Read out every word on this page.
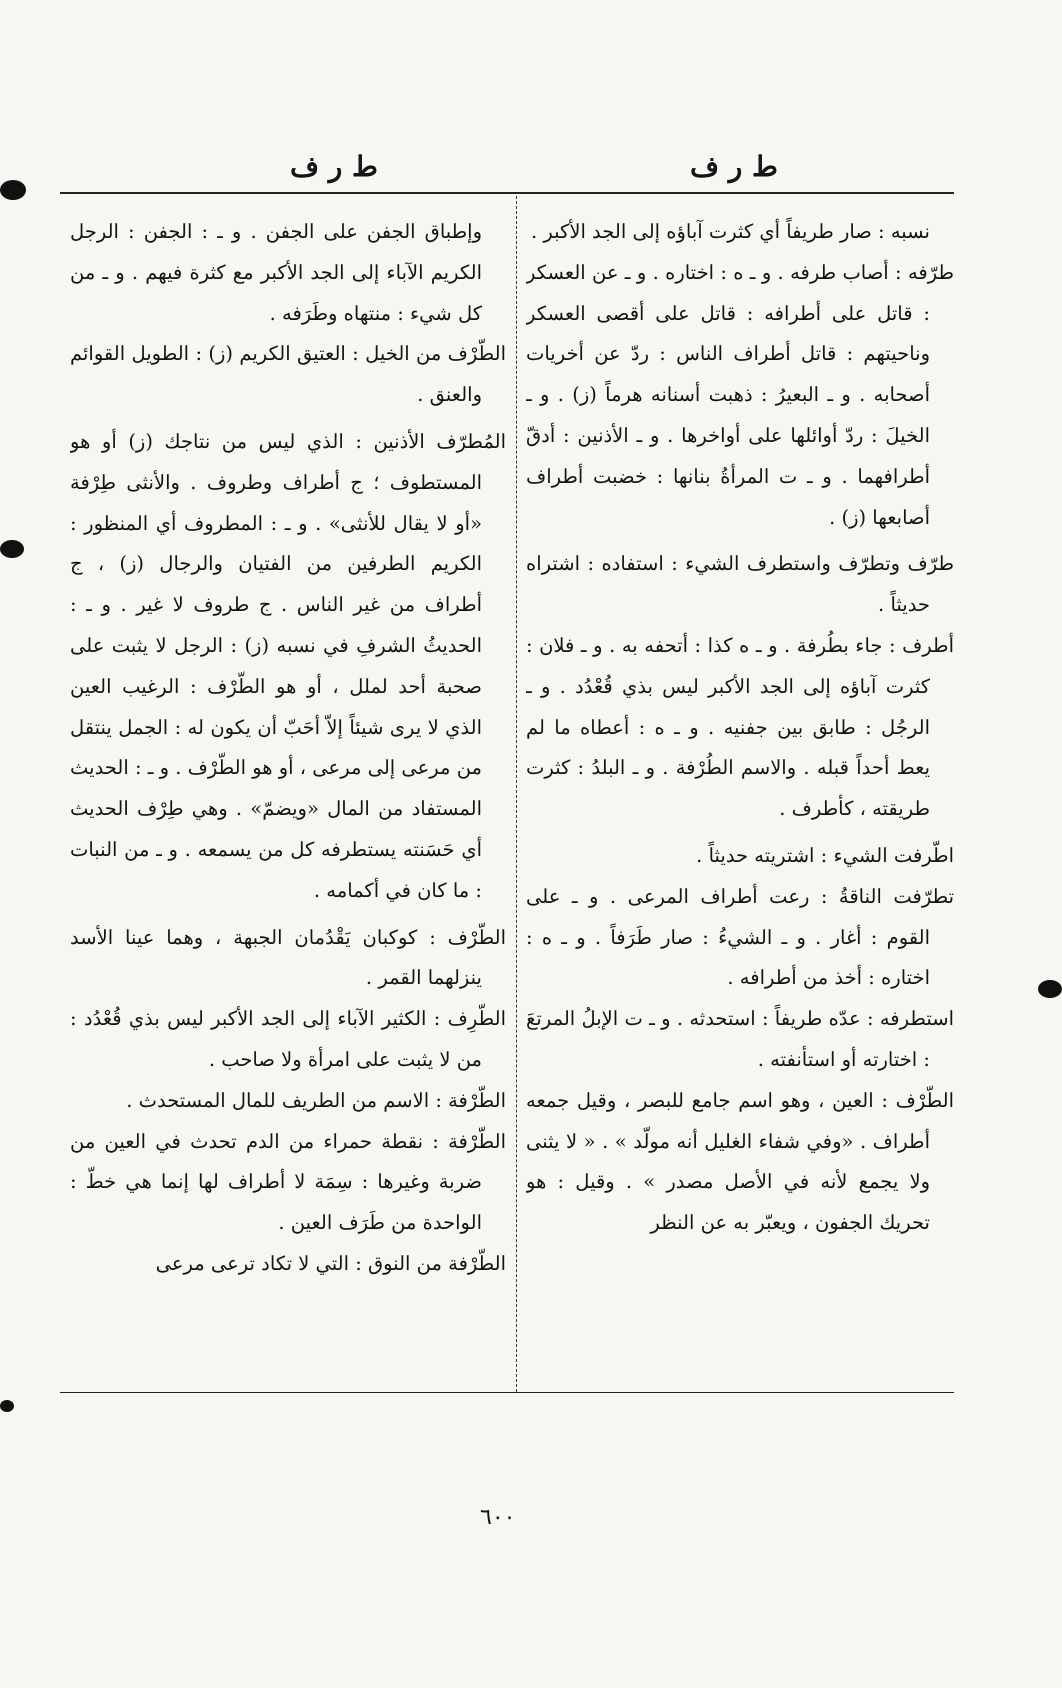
ط ر ف
ط ر ف

نسبه : صار طريفاً أي كثرت آباؤه إلى الجد الأكبر .

طرّفه : أصاب طرفه . و ـ ه : اختاره . و ـ عن العسكر : قاتل على أطرافه : قاتل على أقصى العسكر وناحيتهم : قاتل أطراف الناس : ردّ عن أخريات أصحابه . و ـ البعيرُ : ذهبت أسنانه هرماً (ز) . و ـ الخيلَ : ردّ أوائلها على أواخرها . و ـ الأذنين : أدقّ أطرافهما . و ـ ت المرأةُ بنانها : خضبت أطراف أصابعها (ز) .

طرّف وتطرّف واستطرف الشيء : استفاده : اشتراه حديثاً .

أطرف : جاء بطُرفة . و ـ ه كذا : أتحفه به . و ـ فلان : كثرت آباؤه إلى الجد الأكبر ليس بذي قُعْدُد . و ـ الرجُل : طابق بين جفنيه . و ـ ه : أعطاه ما لم يعط أحداً قبله . والاسم الطُرْفة . و ـ البلدُ : كثرت طريقته ، كأطرف .

اطّرفت الشيء : اشتريته حديثاً .

تطرّفت الناقةُ : رعت أطراف المرعى . و ـ على القوم : أغار . و ـ الشيءُ : صار طَرَفاً . و ـ ه : اختاره : أخذ من أطرافه .

استطرفه : عدّه طريفاً : استحدثه . و ـ ت الإبلُ المرتعَ : اختارته أو استأنفته .

الطّرْف : العين ، وهو اسم جامع للبصر ، وقيل جمعه أطراف . «وفي شفاء الغليل أنه مولّد » . « لا يثنى ولا يجمع لأنه في الأصل مصدر » . وقيل : هو تحريك الجفون ، ويعبّر به عن النظر

وإطباق الجفن على الجفن . و ـ : الجفن : الرجل الكريم الآباء إلى الجد الأكبر مع كثرة فيهم . و ـ من كل شيء : منتهاه وطَرَفه .

الطّرْف من الخيل : العتيق الكريم (ز) : الطويل القوائم والعنق .

المُطرّف الأذنين : الذي ليس من نتاجك (ز) أو هو المستطوف ؛ ج أطراف وطروف . والأنثى طِرْفة «أو لا يقال للأنثى» . و ـ : المطروف أي المنظور : الكريم الطرفين من الفتيان والرجال (ز) ، ج أطراف من غير الناس . ج طروف لا غير . و ـ : الحديثُ الشرفِ في نسبه (ز) : الرجل لا يثبت على صحبة أحد لملل ، أو هو الطّرْف : الرغيب العين الذي لا يرى شيئاً إلاّ أحَبّ أن يكون له : الجمل ينتقل من مرعى إلى مرعى ، أو هو الطّرْف . و ـ : الحديث المستفاد من المال «ويضمّ» . وهي طِرْف الحديث أي حَسَنته يستطرفه كل من يسمعه . و ـ من النبات : ما كان في أكمامه .

الطّرْف : كوكبان يَقْدُمان الجبهة ، وهما عينا الأسد ينزلهما القمر .

الطّرِف : الكثير الآباء إلى الجد الأكبر ليس بذي قُعْدُد : من لا يثبت على امرأة ولا صاحب .

الطّرْفة : الاسم من الطريف للمال المستحدث .

الطّرْفة : نقطة حمراء من الدم تحدث في العين من ضربة وغيرها : سِمَة لا أطراف لها إنما هي خطّ : الواحدة من طَرَف العين .

الطّرْفة من النوق : التي لا تكاد ترعى مرعى

٦٠٠
